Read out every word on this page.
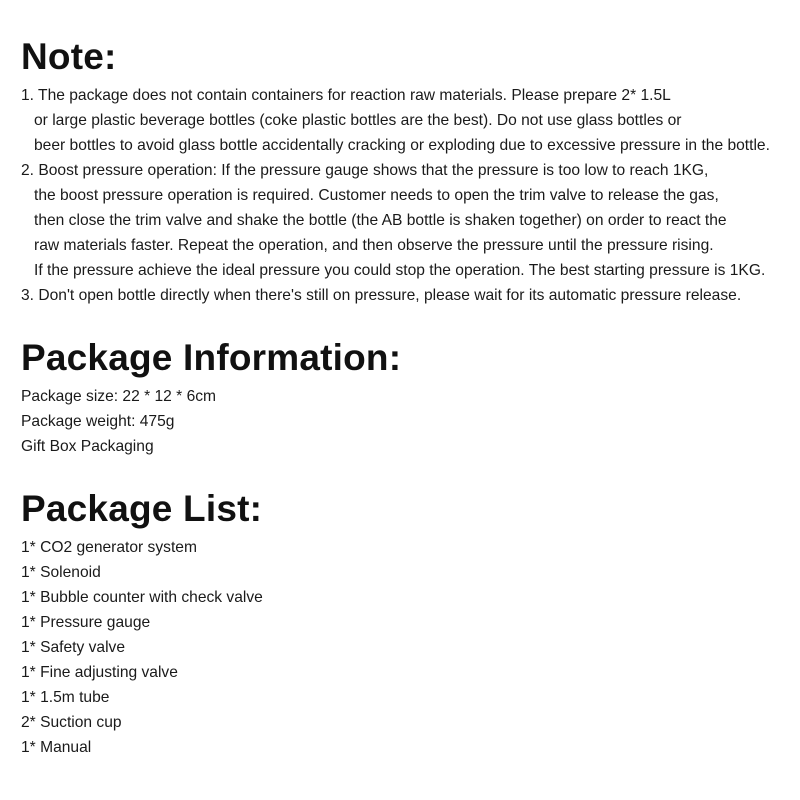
Note:
1. The package does not contain containers for reaction raw materials. Please prepare 2* 1.5L
or large plastic beverage bottles (coke plastic bottles are the best). Do not use glass bottles or
beer bottles to avoid glass bottle accidentally cracking or exploding due to excessive pressure in the bottle.
2. Boost pressure operation: If the pressure gauge shows that the pressure is too low to reach 1KG,
the boost pressure operation is required. Customer needs to open the trim valve to release the gas,
then close the trim valve and shake the bottle (the AB bottle is shaken together) on order to react the
raw materials faster. Repeat the operation, and then observe the pressure until the pressure rising.
If the pressure achieve the ideal pressure you could stop the operation. The best starting pressure is 1KG.
3. Don't open bottle directly when there's still on pressure, please wait for its automatic pressure release.
Package Information:
Package size: 22 * 12 * 6cm
Package weight: 475g
Gift Box Packaging
Package List:
1* CO2 generator system
1* Solenoid
1* Bubble counter with check valve
1* Pressure gauge
1* Safety valve
1* Fine adjusting valve
1* 1.5m tube
2* Suction cup
1* Manual
